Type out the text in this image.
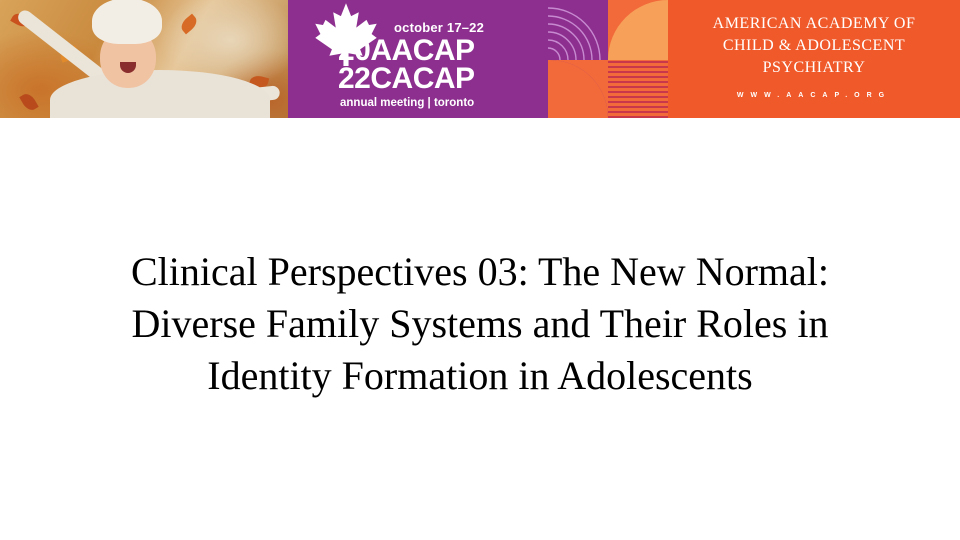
october 17–22
20AACAP
22CACAP
annual meeting | toronto
AMERICAN ACADEMY OF
CHILD & ADOLESCENT
PSYCHIATRY
WWW.AACAP.ORG
Clinical Perspectives 03: The New Normal:
Diverse Family Systems and Their Roles in
Identity Formation in Adolescents
